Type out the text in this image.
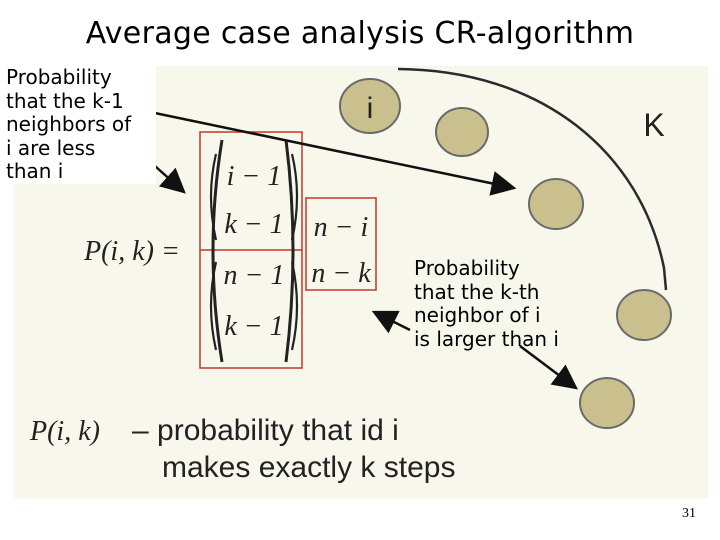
Average case analysis CR-algorithm
i	K
P(i, k) =
i − 1
k − 1 n − i
n − k
n − 1
k − 1
P(i, k) – probability that id i
makes exactly k steps
Probability
that the k-1
neighbors of
i are less
than i
Probability
that the k-th
neighbor of i
is larger than i
31
